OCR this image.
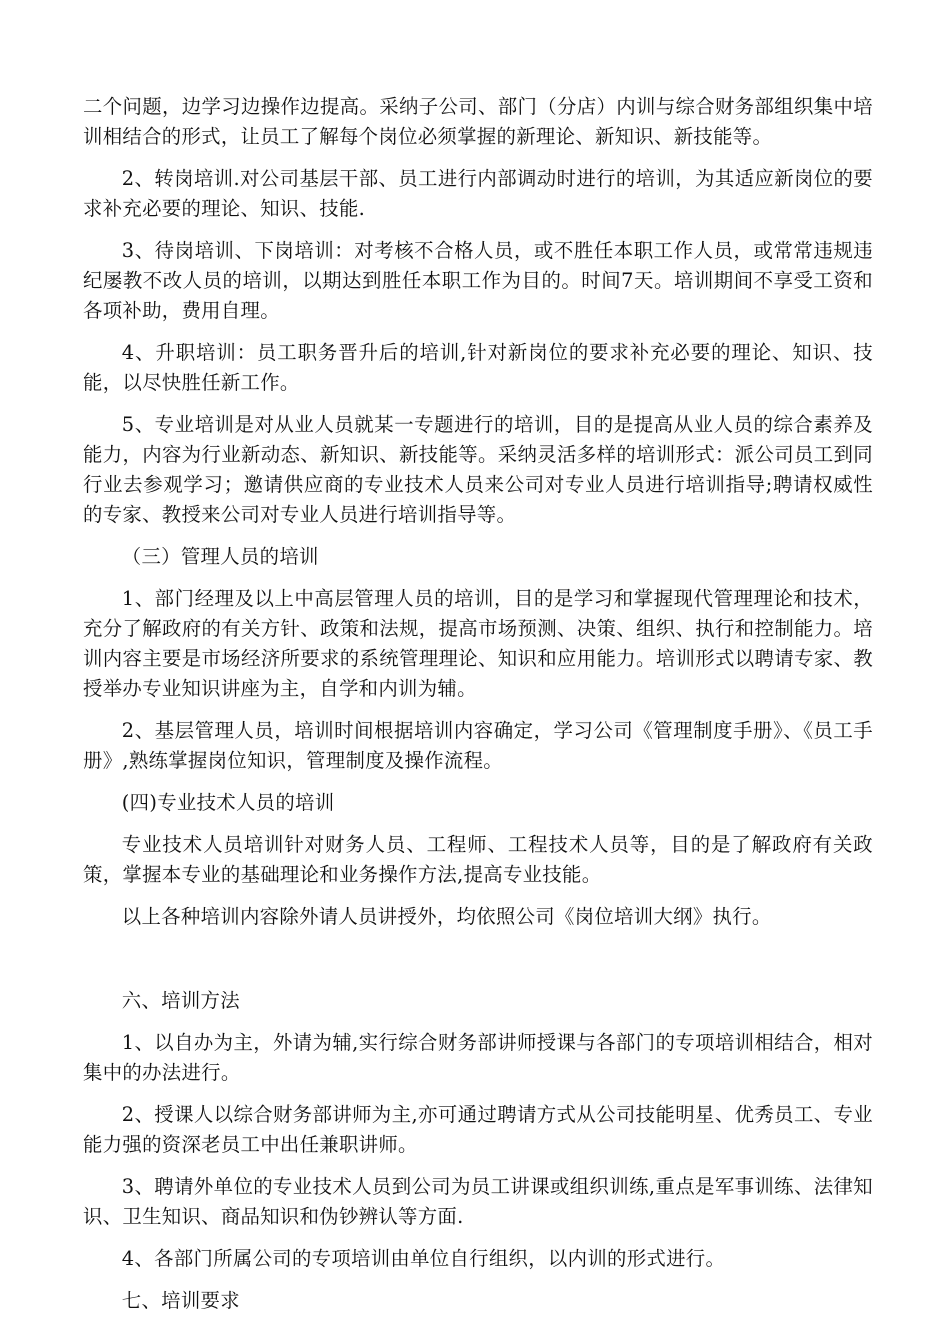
二个问题，边学习边操作边提高。采纳子公司、部门（分店）内训与综合财务部组织集中培训相结合的形式，让员工了解每个岗位必须掌握的新理论、新知识、新技能等。

2、转岗培训.对公司基层干部、员工进行内部调动时进行的培训，为其适应新岗位的要求补充必要的理论、知识、技能.

3、待岗培训、下岗培训：对考核不合格人员，或不胜任本职工作人员，或常常违规违纪屡教不改人员的培训，以期达到胜任本职工作为目的。时间7天。培训期间不享受工资和各项补助，费用自理。

4、升职培训：员工职务晋升后的培训,针对新岗位的要求补充必要的理论、知识、技能，以尽快胜任新工作。

5、专业培训是对从业人员就某一专题进行的培训，目的是提高从业人员的综合素养及能力，内容为行业新动态、新知识、新技能等。采纳灵活多样的培训形式：派公司员工到同行业去参观学习；邀请供应商的专业技术人员来公司对专业人员进行培训指导;聘请权威性的专家、教授来公司对专业人员进行培训指导等。

（三）管理人员的培训

1、部门经理及以上中高层管理人员的培训，目的是学习和掌握现代管理理论和技术，充分了解政府的有关方针、政策和法规，提高市场预测、决策、组织、执行和控制能力。培训内容主要是市场经济所要求的系统管理理论、知识和应用能力。培训形式以聘请专家、教授举办专业知识讲座为主，自学和内训为辅。

2、基层管理人员，培训时间根据培训内容确定，学习公司《管理制度手册》、《员工手册》,熟练掌握岗位知识，管理制度及操作流程。

(四)专业技术人员的培训

专业技术人员培训针对财务人员、工程师、工程技术人员等，目的是了解政府有关政策，掌握本专业的基础理论和业务操作方法,提高专业技能。

以上各种培训内容除外请人员讲授外，均依照公司《岗位培训大纲》执行。

六、培训方法

1、以自办为主，外请为辅,实行综合财务部讲师授课与各部门的专项培训相结合，相对集中的办法进行。

2、授课人以综合财务部讲师为主,亦可通过聘请方式从公司技能明星、优秀员工、专业能力强的资深老员工中出任兼职讲师。

3、聘请外单位的专业技术人员到公司为员工讲课或组织训练,重点是军事训练、法律知识、卫生知识、商品知识和伪钞辨认等方面.

4、各部门所属公司的专项培训由单位自行组织，以内训的形式进行。

七、培训要求
